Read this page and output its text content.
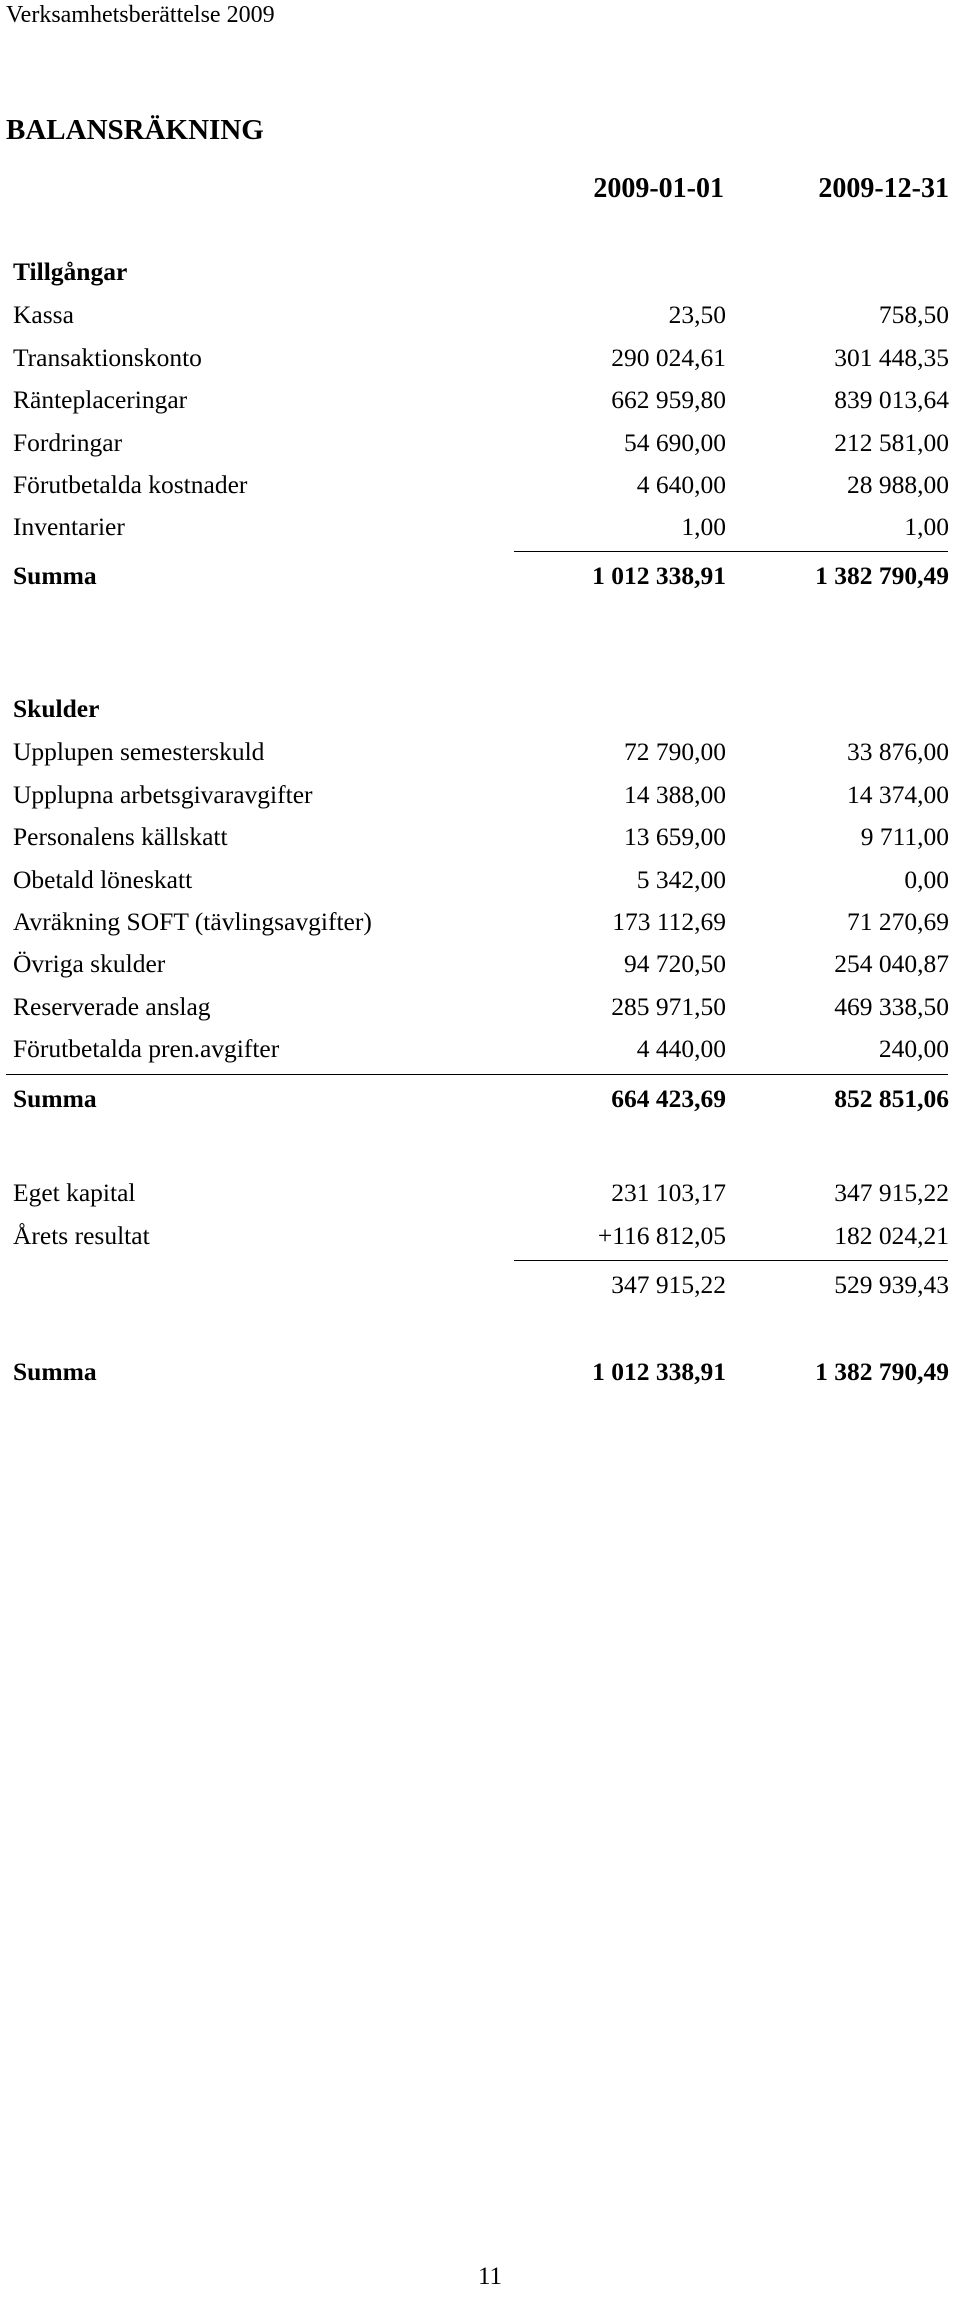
Verksamhetsberättelse 2009
BALANSRÄKNING
2009-01-01	2009-12-31
Tillgångar
Kassa	23,50	758,50
Transaktionskonto	290 024,61	301 448,35
Ränteplaceringar	662 959,80	839 013,64
Fordringar	54 690,00	212 581,00
Förutbetalda kostnader	4 640,00	28 988,00
Inventarier	1,00	1,00
Summa	1 012 338,91	1 382 790,49
Skulder
Upplupen semesterskuld	72 790,00	33 876,00
Upplupna arbetsgivaravgifter	14 388,00	14 374,00
Personalens källskatt	13 659,00	9 711,00
Obetald löneskatt	5 342,00	0,00
Avräkning SOFT (tävlingsavgifter)	173 112,69	71 270,69
Övriga skulder	94 720,50	254 040,87
Reserverade anslag	285 971,50	469 338,50
Förutbetalda pren.avgifter	4 440,00	240,00
Summa	664 423,69	852 851,06
Eget kapital	231 103,17	347 915,22
Årets resultat	+116 812,05	182 024,21
347 915,22	529 939,43
Summa	1 012 338,91	1 382 790,49
11
